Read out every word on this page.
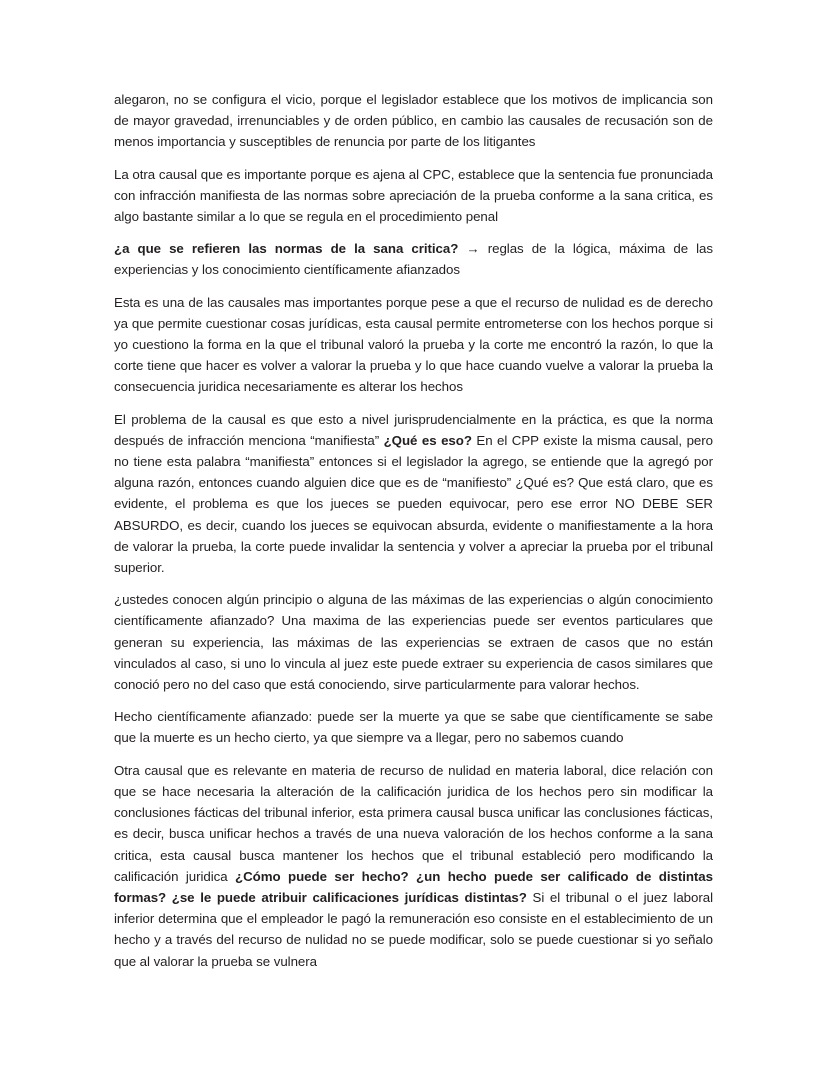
alegaron, no se configura el vicio, porque el legislador establece que los motivos de implicancia son de mayor gravedad, irrenunciables y de orden público, en cambio las causales de recusación son de menos importancia y susceptibles de renuncia por parte de los litigantes

La otra causal que es importante porque es ajena al CPC, establece que la sentencia fue pronunciada con infracción manifiesta de las normas sobre apreciación de la prueba conforme a la sana critica, es algo bastante similar a lo que se regula en el procedimiento penal

¿a que se refieren las normas de la sana critica? → reglas de la lógica, máxima de las experiencias y los conocimiento científicamente afianzados

Esta es una de las causales mas importantes porque pese a que el recurso de nulidad es de derecho ya que permite cuestionar cosas jurídicas, esta causal permite entrometerse con los hechos porque si yo cuestiono la forma en la que el tribunal valoró la prueba y la corte me encontró la razón, lo que la corte tiene que hacer es volver a valorar la prueba y lo que hace cuando vuelve a valorar la prueba la consecuencia juridica necesariamente es alterar los hechos

El problema de la causal es que esto a nivel jurisprudencialmente en la práctica, es que la norma después de infracción menciona “manifiesta” ¿Qué es eso? En el CPP existe la misma causal, pero no tiene esta palabra “manifiesta” entonces si el legislador la agrego, se entiende que la agregó por alguna razón, entonces cuando alguien dice que es de “manifiesto” ¿Qué es? Que está claro, que es evidente, el problema es que los jueces se pueden equivocar, pero ese error NO DEBE SER ABSURDO, es decir, cuando los jueces se equivocan absurda, evidente o manifiestamente a la hora de valorar la prueba, la corte puede invalidar la sentencia y volver a apreciar la prueba por el tribunal superior.

¿ustedes conocen algún principio o alguna de las máximas de las experiencias o algún conocimiento científicamente afianzado? Una maxima de las experiencias puede ser eventos particulares que generan su experiencia, las máximas de las experiencias se extraen de casos que no están vinculados al caso, si uno lo vincula al juez este puede extraer su experiencia de casos similares que conoció pero no del caso que está conociendo, sirve particularmente para valorar hechos.

Hecho científicamente afianzado: puede ser la muerte ya que se sabe que científicamente se sabe que la muerte es un hecho cierto, ya que siempre va a llegar, pero no sabemos cuando

Otra causal que es relevante en materia de recurso de nulidad en materia laboral, dice relación con que se hace necesaria la alteración de la calificación juridica de los hechos pero sin modificar la conclusiones fácticas del tribunal inferior, esta primera causal busca unificar las conclusiones fácticas, es decir, busca unificar hechos a través de una nueva valoración de los hechos conforme a la sana critica, esta causal busca mantener los hechos que el tribunal estableció pero modificando la calificación juridica ¿Cómo puede ser hecho? ¿un hecho puede ser calificado de distintas formas? ¿se le puede atribuir calificaciones jurídicas distintas? Si el tribunal o el juez laboral inferior determina que el empleador le pagó la remuneración eso consiste en el establecimiento de un hecho y a través del recurso de nulidad no se puede modificar, solo se puede cuestionar si yo señalo que al valorar la prueba se vulnera
